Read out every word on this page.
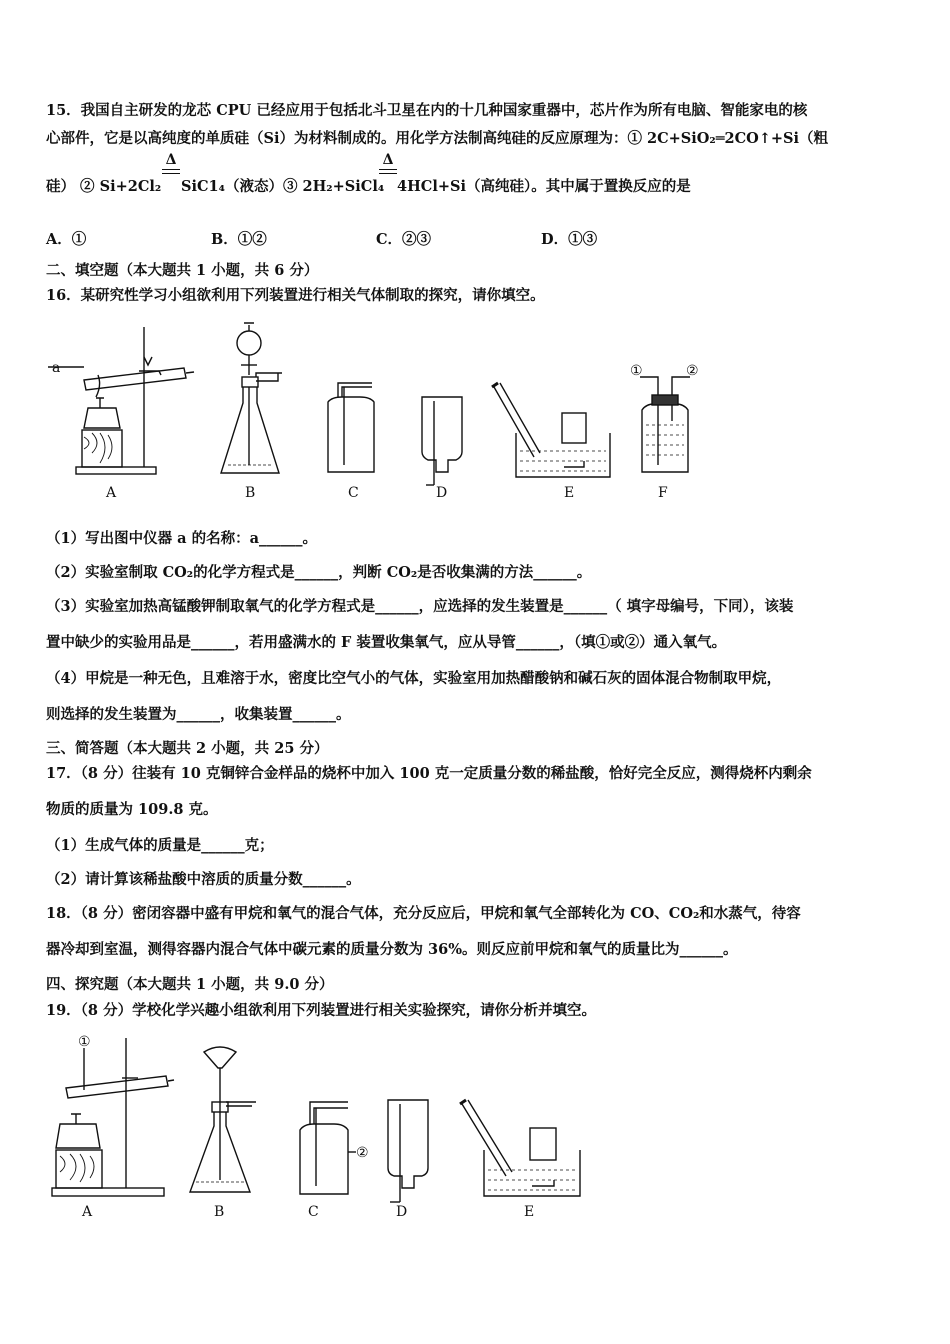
15．我国自主研发的龙芯 CPU 已经应用于包括北斗卫星在内的十几种国家重器中，芯片作为所有电脑、智能家电的核
心部件，它是以高纯度的单质硅（Si）为材料制成的。用化学方法制高纯硅的反应原理为：① 2C+SiO₂═2CO↑+Si（粗
Δ	Δ
硅） ② Si+2Cl₂ SiC1₄（液态）③ 2H₂+SiCl₄ 4HCl+Si（高纯硅）。其中属于置换反应的是
A．①	B．①②	C．②③	D．①③
二、填空题（本大题共 1 小题，共 6 分）
16．某研究性学习小组欲利用下列装置进行相关气体制取的探究，请你填空。
a
A	B	C	D	E
①	②
F
（1）写出图中仪器 a 的名称：a______。
（2）实验室制取 CO₂的化学方程式是______，判断 CO₂是否收集满的方法______。
（3）实验室加热高锰酸钾制取氧气的化学方程式是______，应选择的发生装置是______（ 填字母编号，下同），该装
置中缺少的实验用品是______，若用盛满水的 F 装置收集氧气，应从导管______，（填①或②）通入氧气。
（4）甲烷是一种无色，且难溶于水，密度比空气小的气体，实验室用加热醋酸钠和碱石灰的固体混合物制取甲烷，
则选择的发生装置为______，收集装置______。
三、简答题（本大题共 2 小题，共 25 分）
17．（8 分）往装有 10 克铜锌合金样品的烧杯中加入 100 克一定质量分数的稀盐酸，恰好完全反应，测得烧杯内剩余
物质的质量为 109.8 克。
（1）生成气体的质量是______克；
（2）请计算该稀盐酸中溶质的质量分数______。
18．（8 分）密闭容器中盛有甲烷和氧气的混合气体，充分反应后，甲烷和氧气全部转化为 CO、CO₂和水蒸气，待容
器冷却到室温，测得容器内混合气体中碳元素的质量分数为 36%。则反应前甲烷和氧气的质量比为______。
四、探究题（本大题共 1 小题，共 9.0 分）
19．（8 分）学校化学兴趣小组欲利用下列装置进行相关实验探究，请你分析并填空。
①
A	B
②
C	D	E
